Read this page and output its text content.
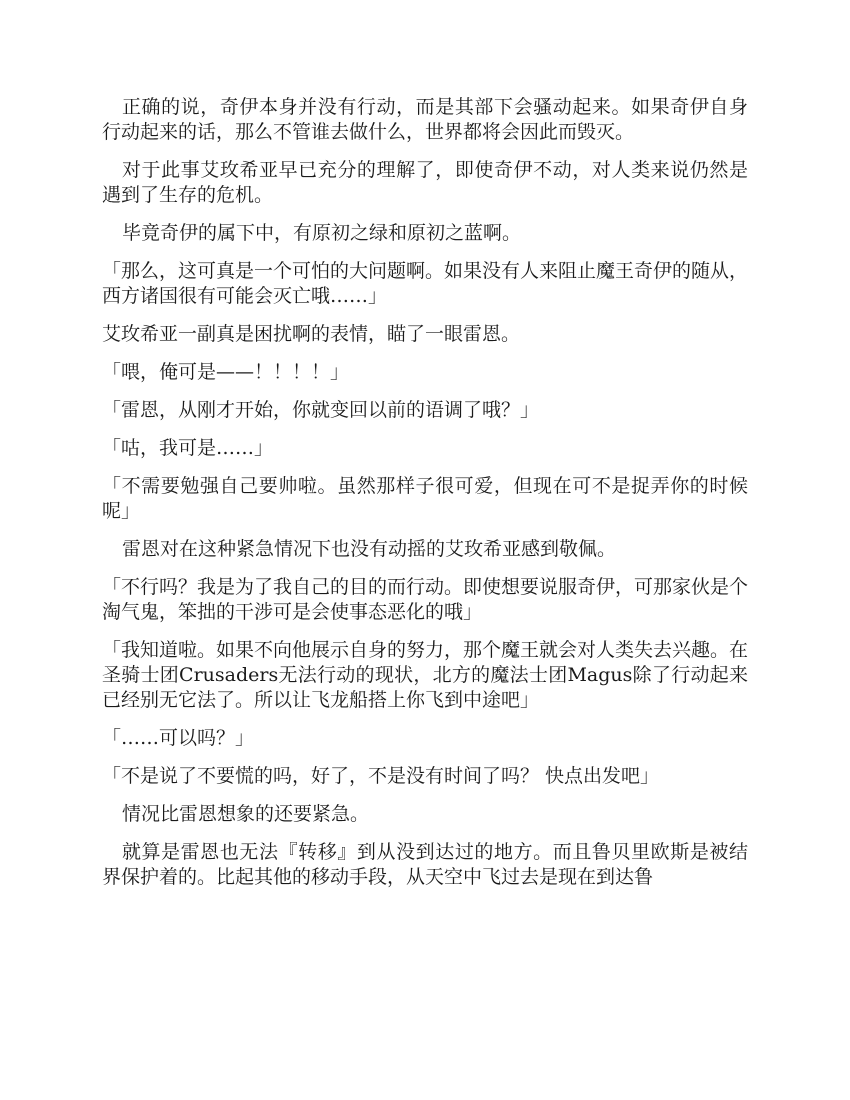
正确的说，奇伊本身并没有行动，而是其部下会骚动起来。如果奇伊自身行动起来的话，那么不管谁去做什么，世界都将会因此而毁灭。

对于此事艾玫希亚早已充分的理解了，即使奇伊不动，对人类来说仍然是遇到了生存的危机。

毕竟奇伊的属下中，有原初之绿和原初之蓝啊。

「那么，这可真是一个可怕的大问题啊。如果没有人来阻止魔王奇伊的随从，西方诸国很有可能会灭亡哦……」

艾玫希亚一副真是困扰啊的表情，瞄了一眼雷恩。

「喂，俺可是——！！！！」

「雷恩，从刚才开始，你就变回以前的语调了哦？」

「咕，我可是……」

「不需要勉强自己要帅啦。虽然那样子很可爱，但现在可不是捉弄你的时候呢」

雷恩对在这种紧急情况下也没有动摇的艾玫希亚感到敬佩。

「不行吗？我是为了我自己的目的而行动。即使想要说服奇伊，可那家伙是个淘气鬼，笨拙的干涉可是会使事态恶化的哦」

「我知道啦。如果不向他展示自身的努力，那个魔王就会对人类失去兴趣。在圣骑士团Crusaders无法行动的现状，北方的魔法士团Magus除了行动起来已经别无它法了。所以让飞龙船搭上你飞到中途吧」

「……可以吗？」

「不是说了不要慌的吗，好了，不是没有时间了吗？ 快点出发吧」

情况比雷恩想象的还要紧急。

就算是雷恩也无法『转移』到从没到达过的地方。而且鲁贝里欧斯是被结界保护着的。比起其他的移动手段，从天空中飞过去是现在到达鲁
